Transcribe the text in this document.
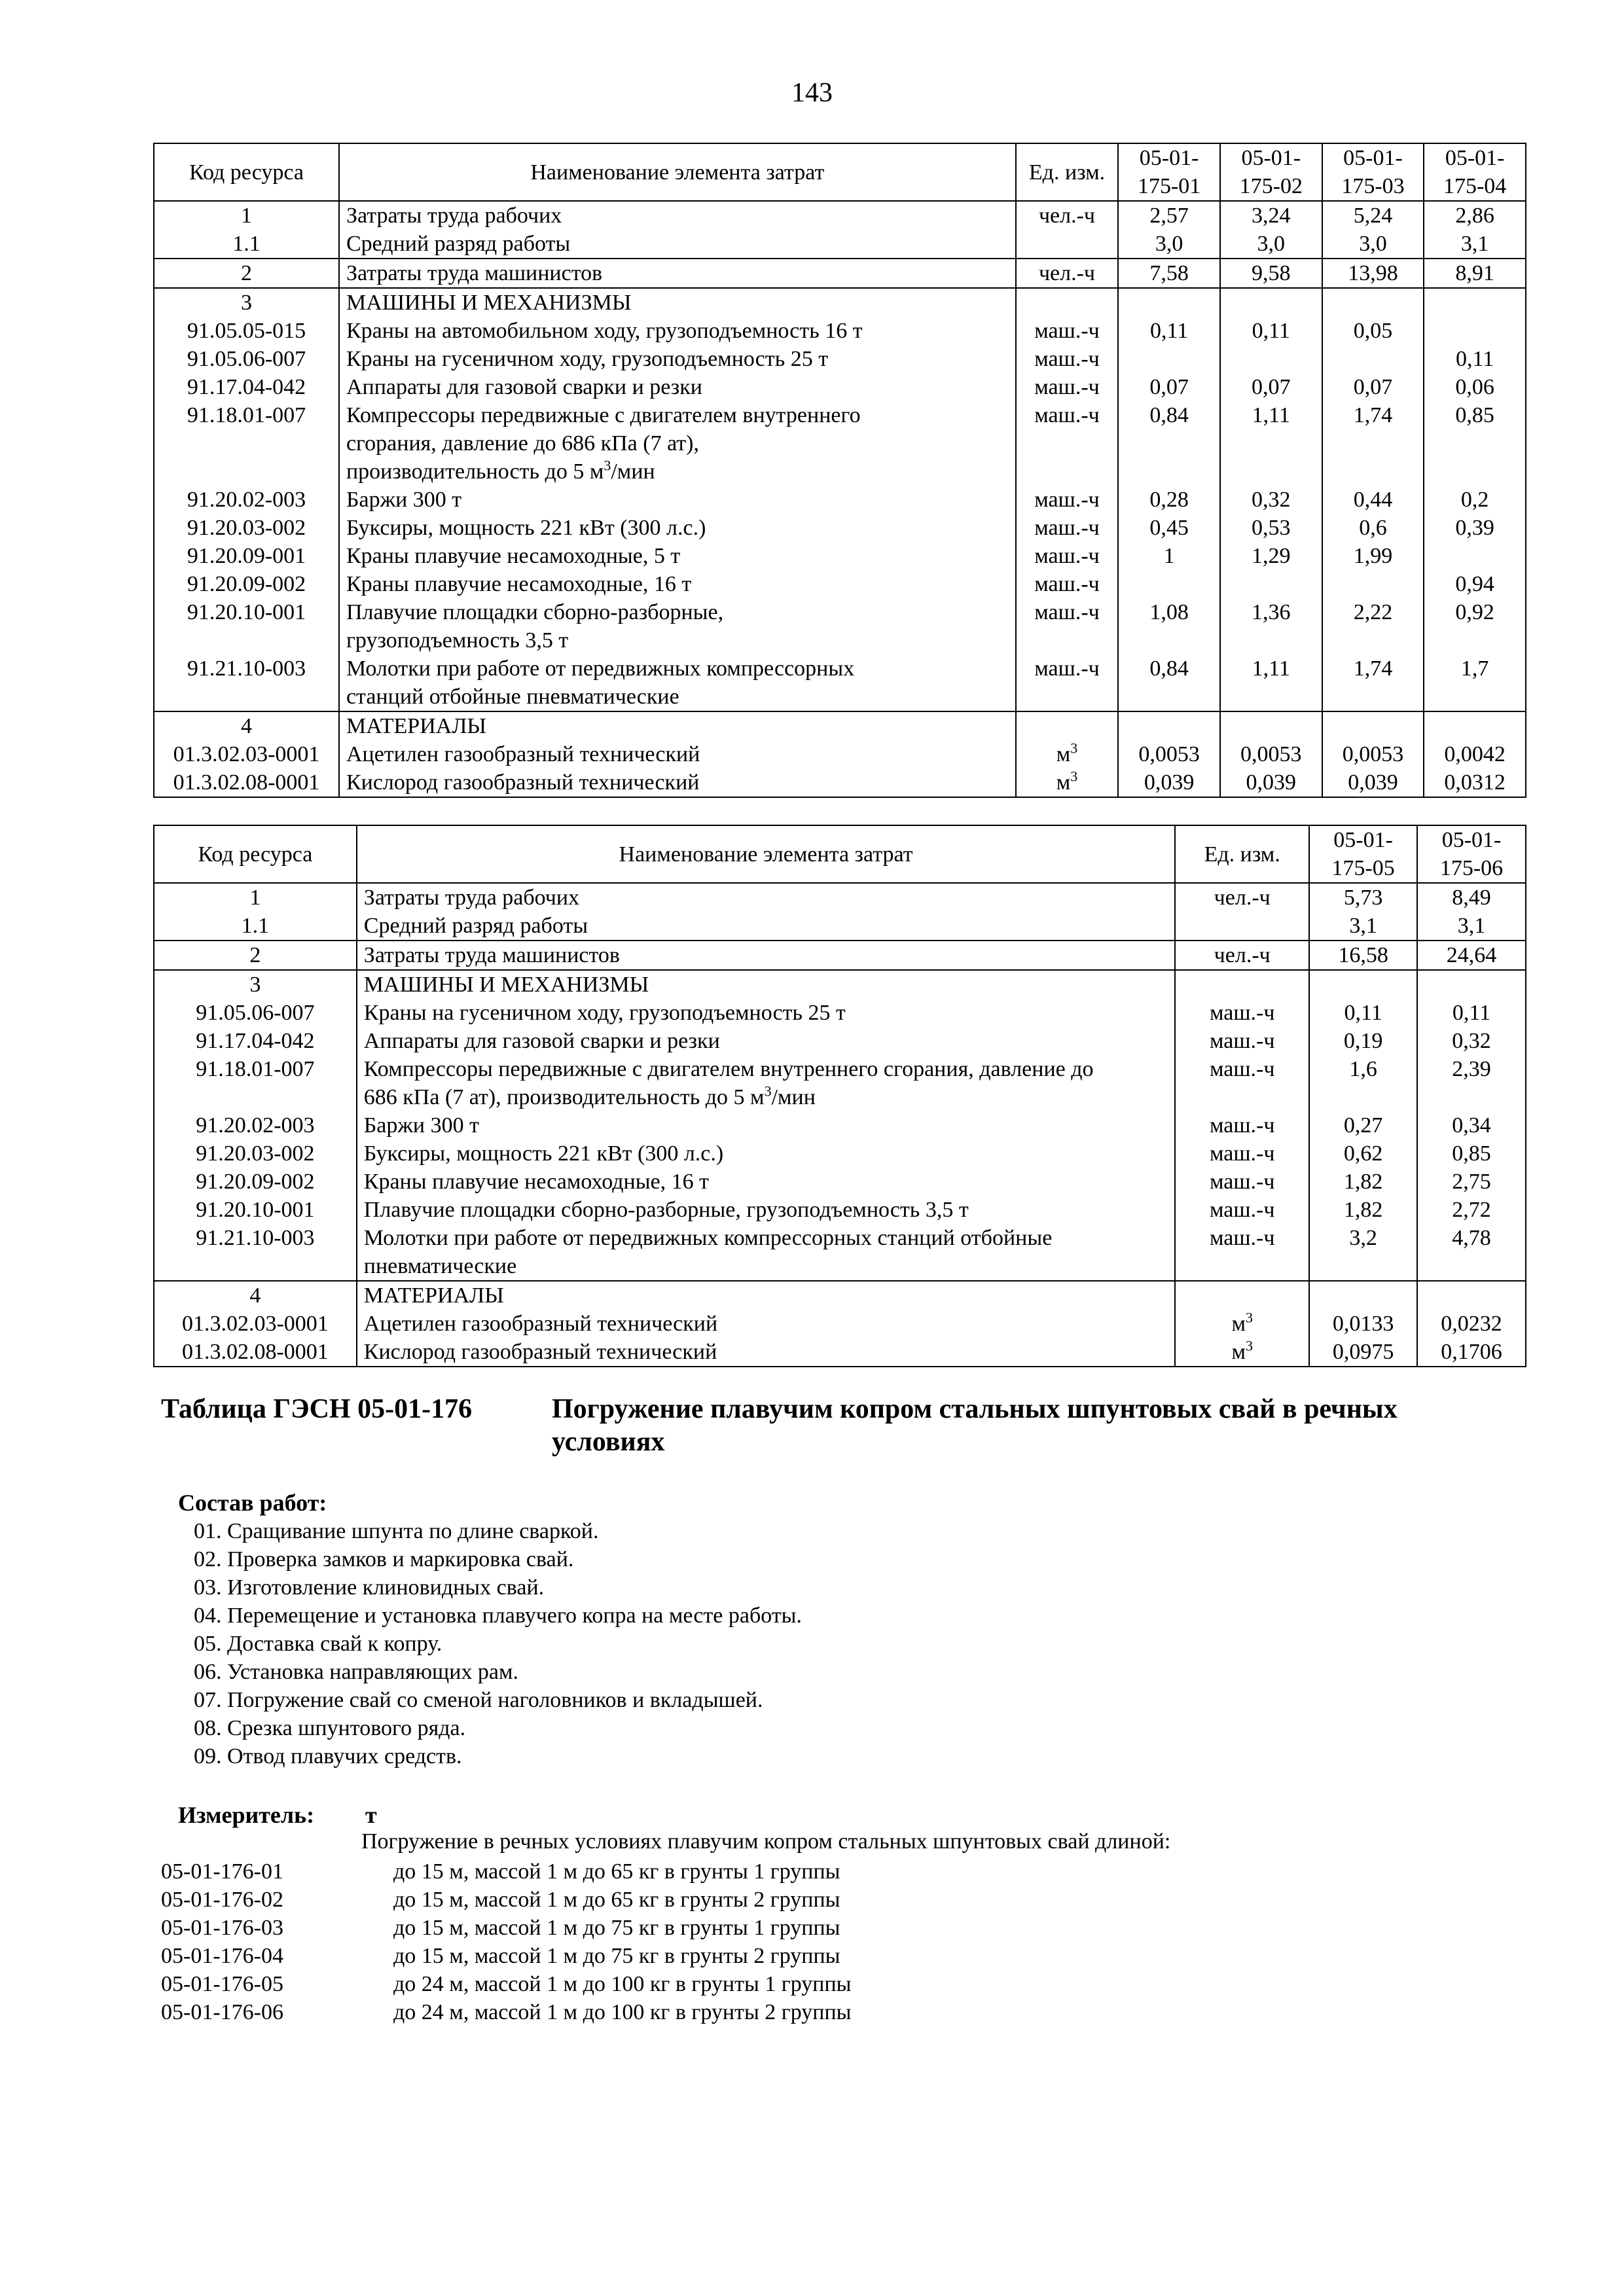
143
Код ресурса	Наименование элемента затрат	Ед. изм.	05-01-
175-01	05-01-
175-02	05-01-
175-03	05-01-
175-04
1	Затраты труда рабочих	чел.-ч	2,57	3,24	5,24	2,86
1.1	Средний разряд работы		3,0	3,0	3,0	3,1
2	Затраты труда машинистов	чел.-ч	7,58	9,58	13,98	8,91
3	МАШИНЫ И МЕХАНИЗМЫ					

91.05.05-015	Краны на автомобильном ходу, грузоподъемность 16 т	маш.-ч	0,11	0,11	0,05	
91.05.06-007	Краны на гусеничном ходу, грузоподъемность 25 т	маш.-ч				0,11
91.17.04-042	Аппараты для газовой сварки и резки	маш.-ч	0,07	0,07	0,07	0,06
91.18.01-007	Компрессоры передвижные с двигателем внутреннего
сгорания, давление до 686 кПа (7 ат),
производительность до 5 $м^3$/мин	маш.-ч	0,84	1,11	1,74	0,85
91.20.02-003	Баржи 300 т	маш.-ч	0,28	0,32	0,44	0,2
91.20.03-002	Буксиры, мощность 221 кВт (300 л.с.)	маш.-ч	0,45	0,53	0,6	0,39
91.20.09-001	Краны плавучие несамоходные, 5 т	маш.-ч	1	1,29	1,99	
91.20.09-002	Краны плавучие несамоходные, 16 т	маш.-ч				0,94
91.20.10-001	Плавучие площадки сборно-разборные,
грузоподъемность 3,5 т	маш.-ч	1,08	1,36	2,22	0,92
91.21.10-003	Молотки при работе от передвижных компрессорных
станций отбойные пневматические	маш.-ч	0,84	1,11	1,74	1,7
4	МАТЕРИАЛЫ					

01.3.02.03-0001	Ацетилен газообразный технический	$м^3$	0,0053	0,0053	0,0053	0,0042
01.3.02.08-0001	Кислород газообразный технический	$м^3$	0,039	0,039	0,039	0,0312
Код ресурса	Наименование элемента затрат	Ед. изм.	05-01-
175-05	05-01-
175-06
1	Затраты труда рабочих	чел.-ч	5,73	8,49
1.1	Средний разряд работы		3,1	3,1
2	Затраты труда машинистов	чел.-ч	16,58	24,64
3	МАШИНЫ И МЕХАНИЗМЫ			

91.05.06-007	Краны на гусеничном ходу, грузоподъемность 25 т	маш.-ч	0,11	0,11
91.17.04-042	Аппараты для газовой сварки и резки	маш.-ч	0,19	0,32
91.18.01-007	Компрессоры передвижные с двигателем внутреннего сгорания, давление до
686 кПа (7 ат), производительность до 5 $м^3$/мин	маш.-ч	1,6	2,39
91.20.02-003	Баржи 300 т	маш.-ч	0,27	0,34
91.20.03-002	Буксиры, мощность 221 кВт (300 л.с.)	маш.-ч	0,62	0,85
91.20.09-002	Краны плавучие несамоходные, 16 т	маш.-ч	1,82	2,75
91.20.10-001	Плавучие площадки сборно-разборные, грузоподъемность 3,5 т	маш.-ч	1,82	2,72
91.21.10-003	Молотки при работе от передвижных компрессорных станций отбойные
пневматические	маш.-ч	3,2	4,78
4	МАТЕРИАЛЫ			

01.3.02.03-0001	Ацетилен газообразный технический	$м^3$	0,0133	0,0232
01.3.02.08-0001	Кислород газообразный технический	$м^3$	0,0975	0,1706
Таблица ГЭСН 05-01-176	Погружение плавучим копром стальных шпунтовых свай в речных
условиях
Состав работ:
01. Сращивание шпунта по длине сваркой.
02. Проверка замков и маркировка свай.
03. Изготовление клиновидных свай.
04. Перемещение и установка плавучего копра на месте работы.
05. Доставка свай к копру.
06. Установка направляющих рам.
07. Погружение свай со сменой наголовников и вкладышей.
08. Срезка шпунтового ряда.
09. Отвод плавучих средств.
Измеритель: т
Погружение в речных условиях плавучим копром стальных шпунтовых свай длиной:
05-01-176-01	до 15 м, массой 1 м до 65 кг в грунты 1 группы
05-01-176-02	до 15 м, массой 1 м до 65 кг в грунты 2 группы
05-01-176-03	до 15 м, массой 1 м до 75 кг в грунты 1 группы
05-01-176-04	до 15 м, массой 1 м до 75 кг в грунты 2 группы
05-01-176-05	до 24 м, массой 1 м до 100 кг в грунты 1 группы
05-01-176-06	до 24 м, массой 1 м до 100 кг в грунты 2 группы
